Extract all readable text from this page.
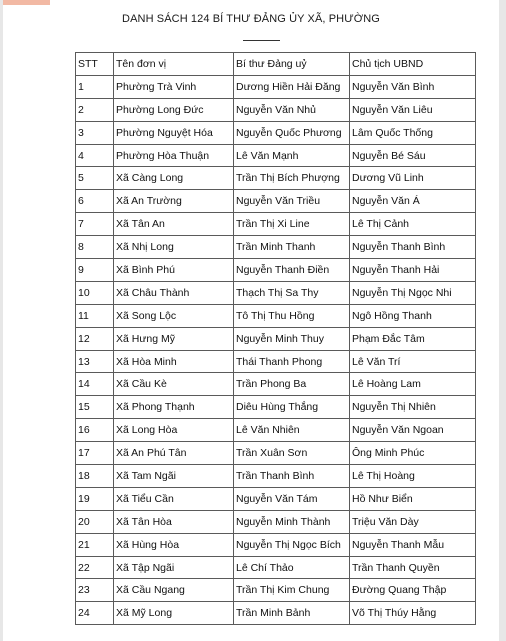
DANH SÁCH 124 BÍ THƯ ĐẢNG ỦY XÃ, PHƯỜNG
STT	Tên đơn vị	Bí thư Đảng uỷ	Chủ tịch UBND
1	Phường Trà Vinh	Dương Hiền Hải Đăng	Nguyễn Văn Bình
2	Phường Long Đức	Nguyễn Văn Nhủ	Nguyễn Văn Liêu
3	Phường Nguyệt Hóa	Nguyễn Quốc Phương	Lâm Quốc Thống
4	Phường Hòa Thuận	Lê Văn Mạnh	Nguyễn Bé Sáu
5	Xã Càng Long	Trần Thị Bích Phượng	Dương Vũ Linh
6	Xã An Trường	Nguyễn Văn Triều	Nguyễn Văn Á
7	Xã Tân An	Trần Thị Xi Line	Lê Thị Cảnh
8	Xã Nhị Long	Trần Minh Thanh	Nguyễn Thanh Bình
9	Xã Bình Phú	Nguyễn Thanh Điền	Nguyễn Thanh Hải
10	Xã Châu Thành	Thạch Thị Sa Thy	Nguyễn Thị Ngọc Nhi
11	Xã Song Lộc	Tô Thị Thu Hồng	Ngô Hồng Thanh
12	Xã Hưng Mỹ	Nguyễn Minh Thuy	Phạm Đắc Tâm
13	Xã Hòa Minh	Thái Thanh Phong	Lê Văn Trí
14	Xã Cầu Kè	Trần Phong Ba	Lê Hoàng Lam
15	Xã Phong Thạnh	Diêu Hùng Thắng	Nguyễn Thị Nhiên
16	Xã Long Hòa	Lê Văn Nhiên	Nguyễn Văn Ngoan
17	Xã An Phú Tân	Trần Xuân Sơn	Ông Minh Phúc
18	Xã Tam Ngãi	Trần Thanh Bình	Lê Thị Hoàng
19	Xã Tiểu Cần	Nguyễn Văn Tám	Hồ Như Biển
20	Xã Tân Hòa	Nguyễn Minh Thành	Triệu Văn Dày
21	Xã Hùng Hòa	Nguyễn Thị Ngọc Bích	Nguyễn Thanh Mẫu
22	Xã Tập Ngãi	Lê Chí Thảo	Trần Thanh Quyền
23	Xã Cầu Ngang	Trần Thị Kim Chung	Đường Quang Thập
24	Xã Mỹ Long	Trần Minh Bảnh	Võ Thị Thúy Hằng
